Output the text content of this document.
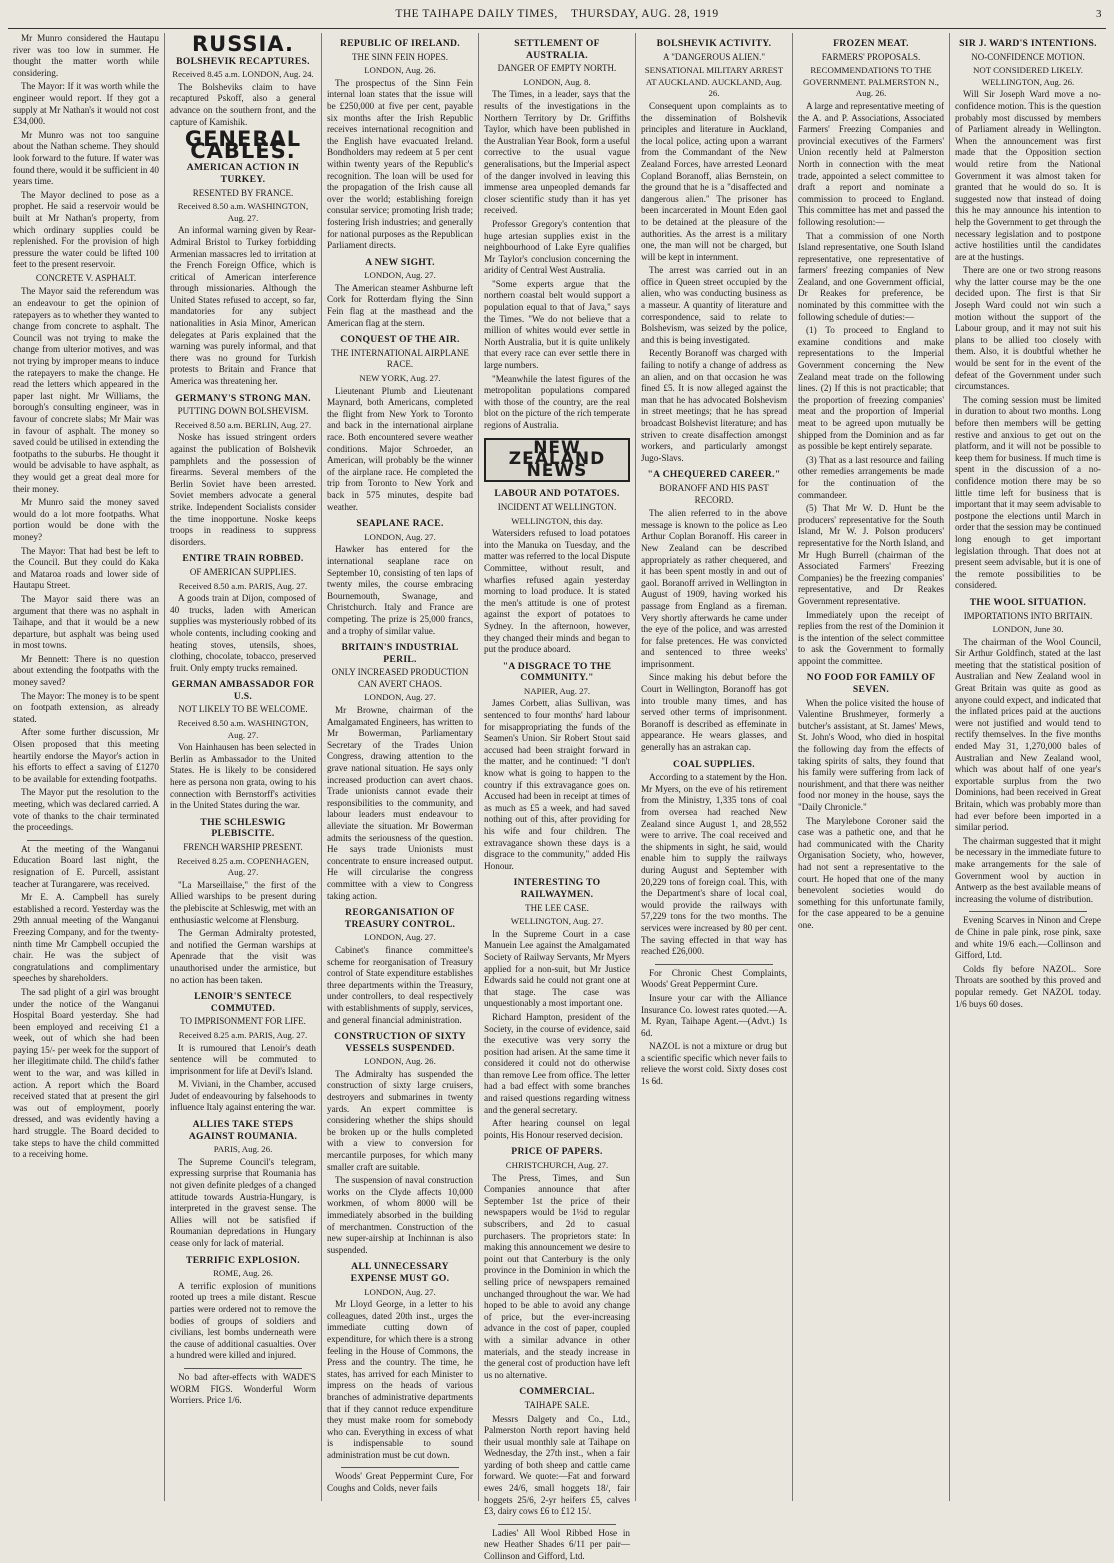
THE TAIHAPE DAILY TIMES, THURSDAY, AUG. 28, 1919	3

Mr Munro considered the Hautapu river was too low in summer. He thought the matter worth while considering.

The Mayor: If it was worth while the engineer would report. If they got a supply at Mr Nathan's it would not cost £34,000.

Mr Munro was not too sanguine about the Nathan scheme. They should look forward to the future. If water was found there, would it be sufficient in 40 years time.

The Mayor declined to pose as a prophet. He said a reservoir would be built at Mr Nathan's property, from which ordinary supplies could be replenished. For the provision of high pressure the water could be lifted 100 feet to the present reservoir.

CONCRETE V. ASPHALT.

The Mayor said the referendum was an endeavour to get the opinion of ratepayers as to whether they wanted to change from concrete to asphalt. The Council was not trying to make the change from ulterior motives, and was not trying by improper means to induce the ratepayers to make the change. He read the letters which appeared in the paper last night. Mr Williams, the borough's consulting engineer, was in favour of concrete slabs; Mr Mair was in favour of asphalt. The money so saved could be utilised in extending the footpaths to the suburbs. He thought it would be advisable to have asphalt, as they would get a great deal more for their money.

Mr Munro said the money saved would do a lot more footpaths. What portion would be done with the money?

The Mayor: That had best be left to the Council. But they could do Kaka and Mataroa roads and lower side of Hautapu Street.

The Mayor said there was an argument that there was no asphalt in Taihape, and that it would be a new departure, but asphalt was being used in most towns.

Mr Bennett: There is no question about extending the footpaths with the money saved?

The Mayor: The money is to be spent on footpath extension, as already stated.

After some further discussion, Mr Olsen proposed that this meeting heartily endorse the Mayor's action in his efforts to effect a saving of £1270 to be available for extending footpaths.

The Mayor put the resolution to the meeting, which was declared carried. A vote of thanks to the chair terminated the proceedings.

At the meeting of the Wanganui Education Board last night, the resignation of E. Purcell, assistant teacher at Turangarere, was received.

Mr E. A. Campbell has surely established a record. Yesterday was the 29th annual meeting of the Wanganui Freezing Company, and for the twenty-ninth time Mr Campbell occupied the chair. He was the subject of congratulations and complimentary speeches by shareholders.

The sad plight of a girl was brought under the notice of the Wanganui Hospital Board yesterday. She had been employed and receiving £1 a week, out of which she had been paying 15/- per week for the support of her illegitimate child. The child's father went to the war, and was killed in action. A report which the Board received stated that at present the girl was out of employment, poorly dressed, and was evidently having a hard struggle. The Board decided to take steps to have the child committed to a receiving home.

RUSSIA.
BOLSHEVIK RECAPTURES.
Received 8.45 a.m. LONDON, Aug. 24.

The Bolsheviks claim to have recaptured Pskoff, also a general advance on the southern front, and the capture of Kamishik.

GENERAL CABLES.
AMERICAN ACTION IN TURKEY.
RESENTED BY FRANCE.
Received 8.50 a.m. WASHINGTON, Aug. 27.

An informal warning given by Rear-Admiral Bristol to Turkey forbidding Armenian massacres led to irritation at the French Foreign Office, which is critical of American interference through missionaries. Although the United States refused to accept, so far, mandatories for any subject nationalities in Asia Minor, American delegates at Paris explained that the warning was purely informal, and that there was no ground for Turkish protests to Britain and France that America was threatening her.

GERMANY'S STRONG MAN.
PUTTING DOWN BOLSHEVISM.
Received 8.50 a.m. BERLIN, Aug. 27.

Noske has issued stringent orders against the publication of Bolshevik pamphlets and the possession of firearms. Several members of the Berlin Soviet have been arrested. Soviet members advocate a general strike. Independent Socialists consider the time inopportune. Noske keeps troops in readiness to suppress disorders.

ENTIRE TRAIN ROBBED.
OF AMERICAN SUPPLIES.
Received 8.50 a.m. PARIS, Aug. 27.

A goods train at Dijon, composed of 40 trucks, laden with American supplies was mysteriously robbed of its whole contents, including cooking and heating stoves, utensils, shoes, clothing, chocolate, tobacco, preserved fruit. Only empty trucks remained.

GERMAN AMBASSADOR FOR U.S.
NOT LIKELY TO BE WELCOME.
Received 8.50 a.m. WASHINGTON, Aug. 27.

Von Hainhausen has been selected in Berlin as Ambassador to the United States. He is likely to be considered here as persona non grata, owing to his connection with Bernstorff's activities in the United States during the war.

THE SCHLESWIG PLEBISCITE.
FRENCH WARSHIP PRESENT.
Received 8.25 a.m. COPENHAGEN, Aug. 27.

"La Marseillaise," the first of the Allied warships to be present during the plebiscite at Schleswig, met with an enthusiastic welcome at Flensburg.

The German Admiralty protested, and notified the German warships at Apenrade that the visit was unauthorised under the armistice, but no action has been taken.

LENOIR'S SENTECE COMMUTED.
TO IMPRISONMENT FOR LIFE.
Received 8.25 a.m. PARIS, Aug. 27.

It is rumoured that Lenoir's death sentence will be commuted to imprisonment for life at Devil's Island.

M. Viviani, in the Chamber, accused Judet of endeavouring by falsehoods to influence Italy against entering the war.

ALLIES TAKE STEPS AGAINST ROUMANIA.
PARIS, Aug. 26.

The Supreme Council's telegram, expressing surprise that Roumania has not given definite pledges of a changed attitude towards Austria-Hungary, is interpreted in the gravest sense. The Allies will not be satisfied if Roumanian depredations in Hungary cease only for lack of material.

TERRIFIC EXPLOSION.
ROME, Aug. 26.

A terrific explosion of munitions rooted up trees a mile distant. Rescue parties were ordered not to remove the bodies of groups of soldiers and civilians, lest bombs underneath were the cause of additional casualties. Over a hundred were killed and injured.

No bad after-effects with WADE'S WORM FIGS. Wonderful Worm Worriers. Price 1/6.

REPUBLIC OF IRELAND.
THE SINN FEIN HOPES.
LONDON, Aug. 26.

The prospectus of the Sinn Fein internal loan states that the issue will be £250,000 at five per cent, payable six months after the Irish Republic receives international recognition and the English have evacuated Ireland. Bondholders may redeem at 5 per cent within twenty years of the Republic's recognition. The loan will be used for the propagation of the Irish cause all over the world; establishing foreign consular service; promoting Irish trade; fostering Irish industries; and generally for national purposes as the Republican Parliament directs.

A NEW SIGHT.
LONDON, Aug. 27.

The American steamer Ashburne left Cork for Rotterdam flying the Sinn Fein flag at the masthead and the American flag at the stern.

CONQUEST OF THE AIR.
THE INTERNATIONAL AIRPLANE RACE.
NEW YORK, Aug. 27.

Lieutenant Plumb and Lieutenant Maynard, both Americans, completed the flight from New York to Toronto and back in the international airplane race. Both encountered severe weather conditions. Major Schroeder, an American, will probably be the winner of the airplane race. He completed the trip from Toronto to New York and back in 575 minutes, despite bad weather.

SEAPLANE RACE.
LONDON, Aug. 27.

Hawker has entered for the international seaplane race on September 10, consisting of ten laps of twenty miles, the course embracing Bournemouth, Swanage, and Christchurch. Italy and France are competing. The prize is 25,000 francs, and a trophy of similar value.

BRITAIN'S INDUSTRIAL PERIL.
ONLY INCREASED PRODUCTION CAN AVERT CHAOS.
LONDON, Aug. 27.

Mr Browne, chairman of the Amalgamated Engineers, has written to Mr Bowerman, Parliamentary Secretary of the Trades Union Congress, drawing attention to the grave national situation. He says only increased production can avert chaos. Trade unionists cannot evade their responsibilities to the community, and labour leaders must endeavour to alleviate the situation. Mr Bowerman admits the seriousness of the question. He says trade Unionists must concentrate to ensure increased output. He will circularise the congress committee with a view to Congress taking action.

REORGANISATION OF TREASURY CONTROL.
LONDON, Aug. 27.

Cabinet's finance committee's scheme for reorganisation of Treasury control of State expenditure establishes three departments within the Treasury, under controllers, to deal respectively with establishments of supply, services, and general financial administration.

CONSTRUCTION OF SIXTY VESSELS SUSPENDED.
LONDON, Aug. 26.

The Admiralty has suspended the construction of sixty large cruisers, destroyers and submarines in twenty yards. An expert committee is considering whether the ships should be broken up or the hulls completed with a view to conversion for mercantile purposes, for which many smaller craft are suitable.

The suspension of naval construction works on the Clyde affects 10,000 workmen, of whom 8000 will be immediately absorbed in the building of merchantmen. Construction of the new super-airship at Inchinnan is also suspended.

ALL UNNECESSARY EXPENSE MUST GO.
LONDON, Aug. 27.

Mr Lloyd George, in a letter to his colleagues, dated 20th inst., urges the immediate cutting down of expenditure, for which there is a strong feeling in the House of Commons, the Press and the country. The time, he states, has arrived for each Minister to impress on the heads of various branches of administrative departments that if they cannot reduce expenditure they must make room for somebody who can. Everything in excess of what is indispensable to sound administration must be cut down.

Woods' Great Peppermint Cure, For Coughs and Colds, never fails

SETTLEMENT OF AUSTRALIA.
DANGER OF EMPTY NORTH.
LONDON, Aug. 8.

The Times, in a leader, says that the results of the investigations in the Northern Territory by Dr. Griffiths Taylor, which have been published in the Australian Year Book, form a useful corrective to the usual vague generalisations, but the Imperial aspect of the danger involved in leaving this immense area unpeopled demands far closer scientific study than it has yet received.

Professor Gregory's contention that huge artesian supplies exist in the neighbourhood of Lake Eyre qualifies Mr Taylor's conclusion concerning the aridity of Central West Australia.

"Some experts argue that the northern coastal belt would support a population equal to that of Java," says the Times. "We do not believe that a million of whites would ever settle in North Australia, but it is quite unlikely that every race can ever settle there in large numbers.

"Meanwhile the latest figures of the metropolitan populations compared with those of the country, are the real blot on the picture of the rich temperate regions of Australia.

NEW ZEALAND NEWS
LABOUR AND POTATOES.
INCIDENT AT WELLINGTON.
WELLINGTON, this day.

Watersiders refused to load potatoes into the Manuka on Tuesday, and the matter was referred to the local Dispute Committee, without result, and wharfies refused again yesterday morning to load produce. It is stated the men's attitude is one of protest against the export of potatoes to Sydney. In the afternoon, however, they changed their minds and began to put the produce aboard.

"A DISGRACE TO THE COMMUNITY."
NAPIER, Aug. 27.

James Corbett, alias Sullivan, was sentenced to four months' hard labour for misappropriating the funds of the Seamen's Union. Sir Robert Stout said accused had been straight forward in the matter, and he continued: "I don't know what is going to happen to the country if this extravagance goes on. Accused had been in receipt at times of as much as £5 a week, and had saved nothing out of this, after providing for his wife and four children. The extravagance shown these days is a disgrace to the community," added His Honour.

INTERESTING TO RAILWAYMEN.
THE LEE CASE.
WELLINGTON, Aug. 27.

In the Supreme Court in a case Manuein Lee against the Amalgamated Society of Railway Servants, Mr Myers applied for a non-suit, but Mr Justice Edwards said he could not grant one at that stage. The case was unquestionably a most important one.

Richard Hampton, president of the Society, in the course of evidence, said the executive was very sorry the position had arisen. At the same time it considered it could not do otherwise than remove Lee from office. The letter had a bad effect with some branches and raised questions regarding witness and the general secretary.

After hearing counsel on legal points, His Honour reserved decision.

PRICE OF PAPERS.
CHRISTCHURCH, Aug. 27.

The Press, Times, and Sun Companies announce that after September 1st the price of their newspapers would be 1½d to regular subscribers, and 2d to casual purchasers. The proprietors state: In making this announcement we desire to point out that Canterbury is the only province in the Dominion in which the selling price of newspapers remained unchanged throughout the war. We had hoped to be able to avoid any change of price, but the ever-increasing advance in the cost of paper, coupled with a similar advance in other materials, and the steady increase in the general cost of production have left us no alternative.

COMMERCIAL.
TAIHAPE SALE.

Messrs Dalgety and Co., Ltd., Palmerston North report having held their usual monthly sale at Taihape on Wednesday, the 27th inst., when a fair yarding of both sheep and cattle came forward. We quote:—Fat and forward ewes 24/6, small hoggets 18/, fair hoggets 25/6, 2-yr heifers £5, calves £3, dairy cows £6 to £12 15/.

Ladies' All Wool Ribbed Hose in new Heather Shades 6/11 per pair—Collinson and Gifford, Ltd.

BOLSHEVIK ACTIVITY.
A "DANGEROUS ALIEN."
SENSATIONAL MILITARY ARREST AT AUCKLAND. AUCKLAND, Aug. 26.

Consequent upon complaints as to the dissemination of Bolshevik principles and literature in Auckland, the local police, acting upon a warrant from the Commandant of the New Zealand Forces, have arrested Leonard Copland Boranoff, alias Bernstein, on the ground that he is a "disaffected and dangerous alien." The prisoner has been incarcerated in Mount Eden gaol to be detained at the pleasure of the authorities. As the arrest is a military one, the man will not be charged, but will be kept in internment.

The arrest was carried out in an office in Queen street occupied by the alien, who was conducting business as a masseur. A quantity of literature and correspondence, said to relate to Bolshevism, was seized by the police, and this is being investigated.

Recently Boranoff was charged with failing to notify a change of address as an alien, and on that occasion he was fined £5. It is now alleged against the man that he has advocated Bolshevism in street meetings; that he has spread broadcast Bolshevist literature; and has striven to create disaffection amongst workers, and particularly amongst Jugo-Slavs.

"A CHEQUERED CAREER."
BORANOFF AND HIS PAST RECORD.

The alien referred to in the above message is known to the police as Leo Arthur Coplan Boranoff. His career in New Zealand can be described appropriately as rather chequered, and it has been spent mostly in and out of gaol. Boranoff arrived in Wellington in August of 1909, having worked his passage from England as a fireman. Very shortly afterwards he came under the eye of the police, and was arrested for false pretences. He was convicted and sentenced to three weeks' imprisonment.

Since making his debut before the Court in Wellington, Boranoff has got into trouble many times, and has served other terms of imprisonment. Boranoff is described as effeminate in appearance. He wears glasses, and generally has an astrakan cap.

COAL SUPPLIES.

According to a statement by the Hon. Mr Myers, on the eve of his retirement from the Ministry, 1,335 tons of coal from oversea had reached New Zealand since August 1, and 28,552 were to arrive. The coal received and the shipments in sight, he said, would enable him to supply the railways during August and September with 20,229 tons of foreign coal. This, with the Department's share of local coal, would provide the railways with 57,229 tons for the two months. The services were increased by 80 per cent. The saving effected in that way has reached £26,000.

For Chronic Chest Complaints, Woods' Great Peppermint Cure.

Insure your car with the Alliance Insurance Co. lowest rates quoted.—A. M. Ryan, Taihape Agent.—(Advt.) 1s 6d.

NAZOL is not a mixture or drug but a scientific specific which never fails to relieve the worst cold. Sixty doses cost 1s 6d.

FROZEN MEAT.
FARMERS' PROPOSALS.
RECOMMENDATIONS TO THE GOVERNMENT. PALMERSTON N., Aug. 26.

A large and representative meeting of the A. and P. Associations, Associated Farmers' Freezing Companies and provincial executives of the Farmers' Union recently held at Palmerston North in connection with the meat trade, appointed a select committee to draft a report and nominate a commission to proceed to England. This committee has met and passed the following resolution:—

That a commission of one North Island representative, one South Island representative, one representative of farmers' freezing companies of New Zealand, and one Government official, Dr Reakes for preference, be nominated by this committee with the following schedule of duties:—

(1) To proceed to England to examine conditions and make representations to the Imperial Government concerning the New Zealand meat trade on the following lines. (2) If this is not practicable; that the proportion of freezing companies' meat and the proportion of Imperial meat to be agreed upon mutually be shipped from the Dominion and as far as possible be kept entirely separate.

(3) That as a last resource and failing other remedies arrangements be made for the continuation of the commandeer.

(5) That Mr W. D. Hunt be the producers' representative for the South Island, Mr W. J. Polson producers' representative for the North Island, and Mr Hugh Burrell (chairman of the Associated Farmers' Freezing Companies) be the freezing companies' representative, and Dr Reakes Government representative.

Immediately upon the receipt of replies from the rest of the Dominion it is the intention of the select committee to ask the Government to formally appoint the committee.

NO FOOD FOR FAMILY OF SEVEN.

When the police visited the house of Valentine Brushmeyer, formerly a butcher's assistant, at St. James' Mews, St. John's Wood, who died in hospital the following day from the effects of taking spirits of salts, they found that his family were suffering from lack of nourishment, and that there was neither food nor money in the house, says the "Daily Chronicle."

The Marylebone Coroner said the case was a pathetic one, and that he had communicated with the Charity Organisation Society, who, however, had not sent a representative to the court. He hoped that one of the many benevolent societies would do something for this unfortunate family, for the case appeared to be a genuine one.

SIR J. WARD'S INTENTIONS.
NO-CONFIDENCE MOTION.
NOT CONSIDERED LIKELY. WELLINGTON, Aug. 26.

Will Sir Joseph Ward move a no-confidence motion. This is the question probably most discussed by members of Parliament already in Wellington. When the announcement was first made that the Opposition section would retire from the National Government it was almost taken for granted that he would do so. It is suggested now that instead of doing this he may announce his intention to help the Government to get through the necessary legislation and to postpone active hostilities until the candidates are at the hustings.

There are one or two strong reasons why the latter course may be the one decided upon. The first is that Sir Joseph Ward could not win such a motion without the support of the Labour group, and it may not suit his plans to be allied too closely with them. Also, it is doubtful whether he would be sent for in the event of the defeat of the Government under such circumstances.

The coming session must be limited in duration to about two months. Long before then members will be getting restive and anxious to get out on the platform, and it will not be possible to keep them for business. If much time is spent in the discussion of a no-confidence motion there may be so little time left for business that is important that it may seem advisable to postpone the elections until March in order that the session may be continued long enough to get important legislation through. That does not at present seem advisable, but it is one of the remote possibilities to be considered.

THE WOOL SITUATION.
IMPORTATIONS INTO BRITAIN.
LONDON, June 30.

The chairman of the Wool Council, Sir Arthur Goldfinch, stated at the last meeting that the statistical position of Australian and New Zealand wool in Great Britain was quite as good as anyone could expect, and indicated that the inflated prices paid at the auctions were not justified and would tend to rectify themselves. In the five months ended May 31, 1,270,000 bales of Australian and New Zealand wool, which was about half of one year's exportable surplus from the two Dominions, had been received in Great Britain, which was probably more than had ever before been imported in a similar period.

The chairman suggested that it might be necessary in the immediate future to make arrangements for the sale of Government wool by auction in Antwerp as the best available means of increasing the volume of distribution.

Evening Scarves in Ninon and Crepe de Chine in pale pink, rose pink, saxe and white 19/6 each.—Collinson and Gifford, Ltd.

Colds fly before NAZOL. Sore Throats are soothed by this proved and popular remedy. Get NAZOL today. 1/6 buys 60 doses.
